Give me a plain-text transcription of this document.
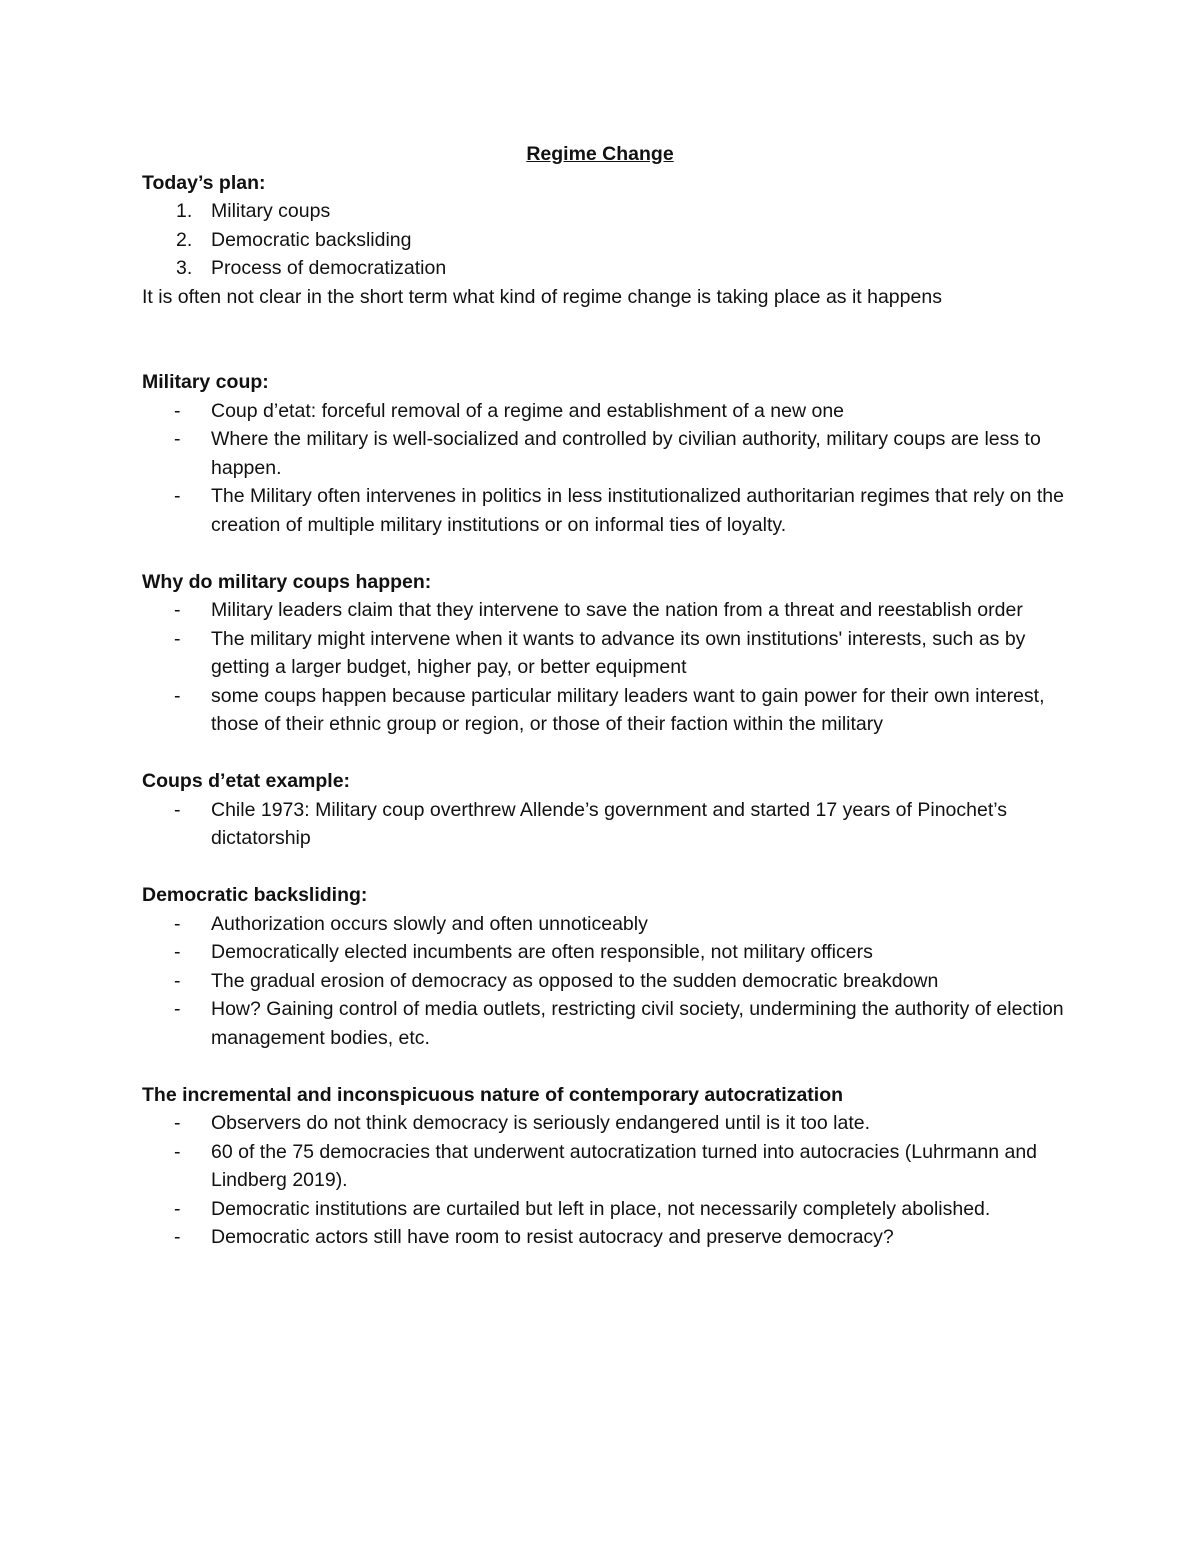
Regime Change
Today’s plan:
1. Military coups
2. Democratic backsliding
3. Process of democratization
It is often not clear in the short term what kind of regime change is taking place as it happens
Military coup:
-	Coup d’etat: forceful removal of a regime and establishment of a new one
-	Where the military is well-socialized and controlled by civilian authority, military coups are less to happen.
-	The Military often intervenes in politics in less institutionalized authoritarian regimes that rely on the creation of multiple military institutions or on informal ties of loyalty.
Why do military coups happen:
-	Military leaders claim that they intervene to save the nation from a threat and reestablish order
-	The military might intervene when it wants to advance its own institutions' interests, such as by getting a larger budget, higher pay, or better equipment
-	some coups happen because particular military leaders want to gain power for their own interest, those of their ethnic group or region, or those of their faction within the military
Coups d’etat example:
-	Chile 1973: Military coup overthrew Allende’s government and started 17 years of Pinochet’s dictatorship
Democratic backsliding:
-	Authorization occurs slowly and often unnoticeably
-	Democratically elected incumbents are often responsible, not military officers
-	The gradual erosion of democracy as opposed to the sudden democratic breakdown
-	How? Gaining control of media outlets, restricting civil society, undermining the authority of election management bodies, etc.
The incremental and inconspicuous nature of contemporary autocratization
-	Observers do not think democracy is seriously endangered until is it too late.
-	60 of the 75 democracies that underwent autocratization turned into autocracies (Luhrmann and Lindberg 2019).
-	Democratic institutions are curtailed but left in place, not necessarily completely abolished.
-	Democratic actors still have room to resist autocracy and preserve democracy?
